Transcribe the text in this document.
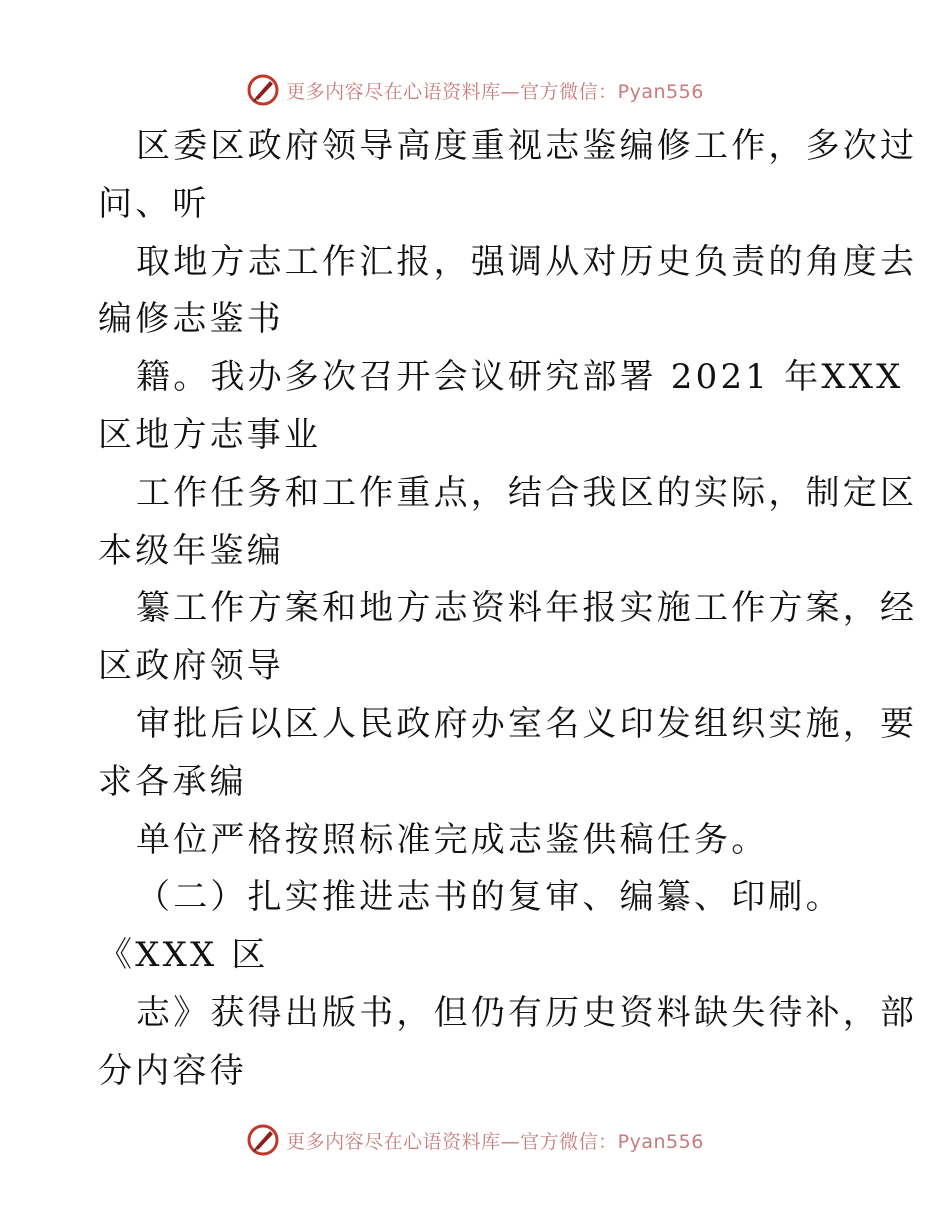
更多内容尽在心语资料库—官方微信：Pyan556
区委区政府领导高度重视志鉴编修工作，多次过
问、听
取地方志工作汇报，强调从对历史负责的角度去
编修志鉴书
籍。我办多次召开会议研究部署 2021 年XXX
区地方志事业
工作任务和工作重点，结合我区的实际，制定区
本级年鉴编
纂工作方案和地方志资料年报实施工作方案，经
区政府领导
审批后以区人民政府办室名义印发组织实施，要
求各承编
单位严格按照标准完成志鉴供稿任务。
（二）扎实推进志书的复审、编纂、印刷。
《XXX 区
志》获得出版书，但仍有历史资料缺失待补，部
分内容待
更多内容尽在心语资料库—官方微信：Pyan556
